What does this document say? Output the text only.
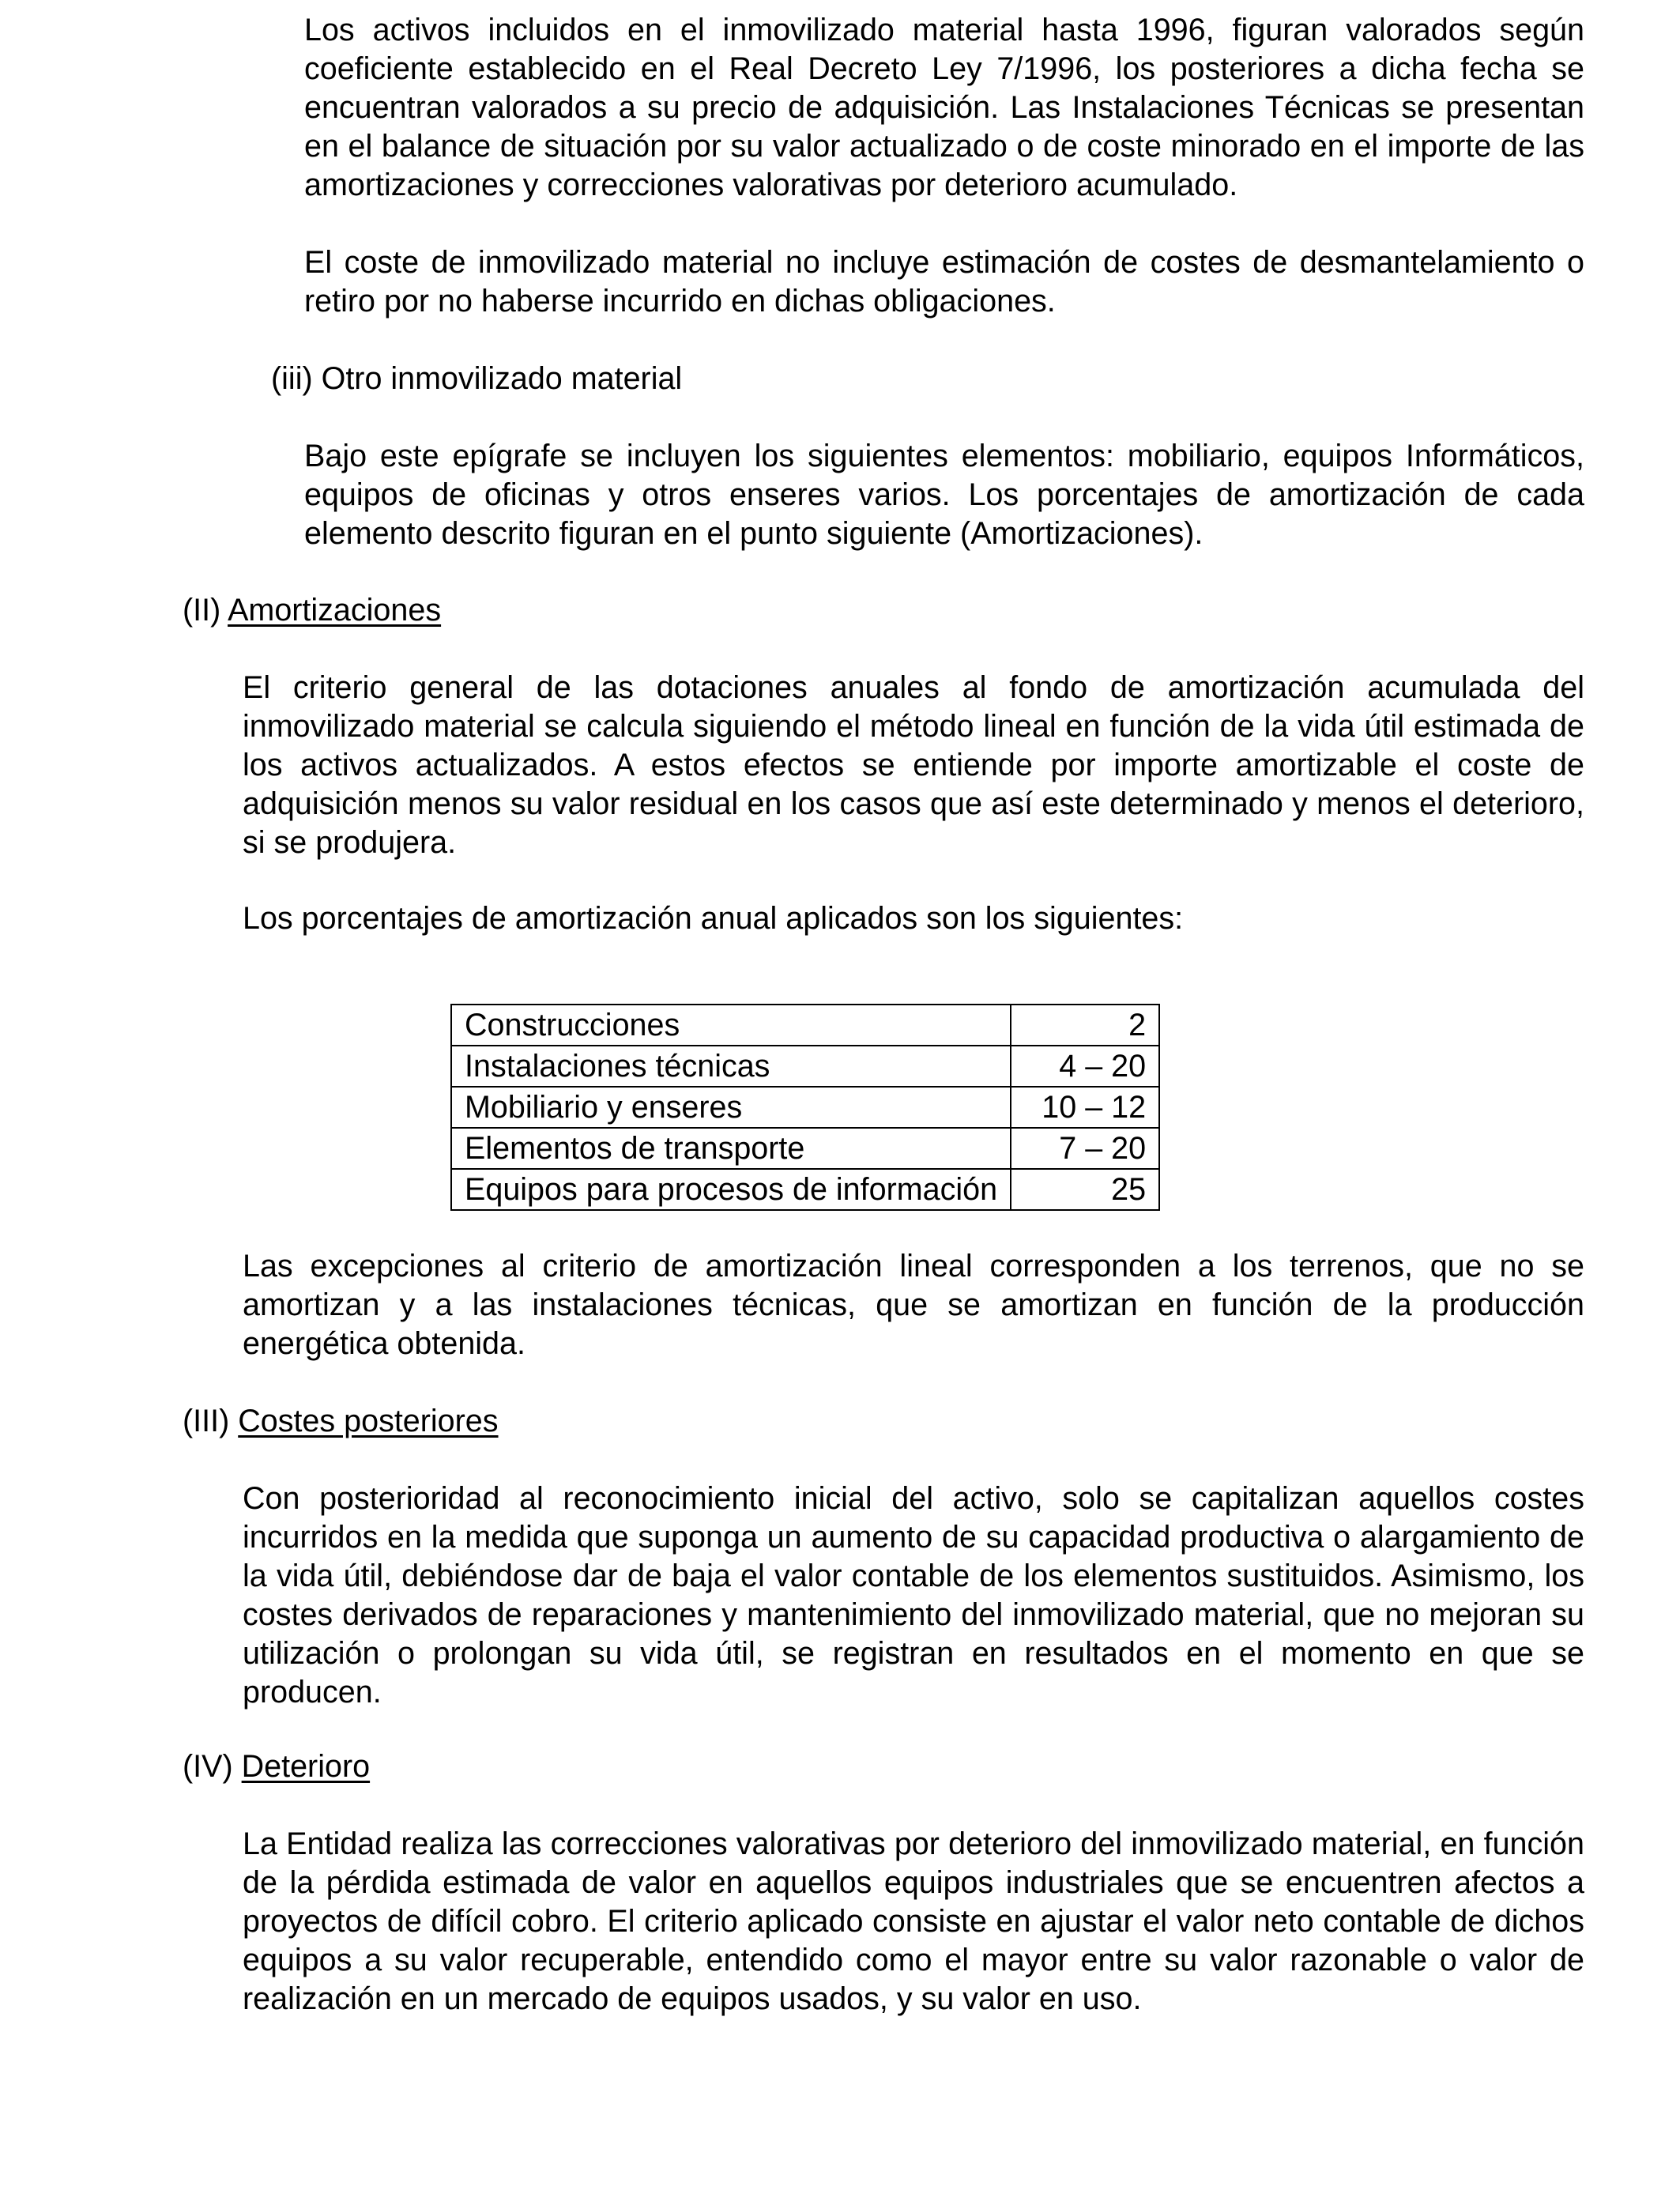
Los activos incluidos en el inmovilizado material hasta 1996, figuran valorados según coeficiente establecido en el Real Decreto Ley 7/1996, los posteriores a dicha fecha se encuentran valorados a su precio de adquisición. Las Instalaciones Técnicas se presentan en el balance de situación por su valor actualizado o de coste minorado en el importe de las amortizaciones y correcciones valorativas por deterioro acumulado.

El coste de inmovilizado material no incluye estimación de costes de desmantelamiento o retiro por no haberse incurrido en dichas obligaciones.

(iii) Otro inmovilizado material

Bajo este epígrafe se incluyen los siguientes elementos: mobiliario, equipos Informáticos, equipos de oficinas y otros enseres varios. Los porcentajes de amortización de cada elemento descrito figuran en el punto siguiente (Amortizaciones).

(II) Amortizaciones

El criterio general de las dotaciones anuales al fondo de amortización acumulada del inmovilizado material se calcula siguiendo el método lineal en función de la vida útil estimada de los activos actualizados. A estos efectos se entiende por importe amortizable el coste de adquisición menos su valor residual en los casos que así este determinado y menos el deterioro, si se produjera.

Los porcentajes de amortización anual aplicados son los siguientes:

Construcciones	2
Instalaciones técnicas	4 – 20
Mobiliario y enseres	10 – 12
Elementos de transporte	7 – 20
Equipos para procesos de información	25

Las excepciones al criterio de amortización lineal corresponden a los terrenos, que no se amortizan y a las instalaciones técnicas, que se amortizan en función de la producción energética obtenida.

(III) Costes posteriores

Con posterioridad al reconocimiento inicial del activo, solo se capitalizan aquellos costes incurridos en la medida que suponga un aumento de su capacidad productiva o alargamiento de la vida útil, debiéndose dar de baja el valor contable de los elementos sustituidos. Asimismo, los costes derivados de reparaciones y mantenimiento del inmovilizado material, que no mejoran su utilización o prolongan su vida útil, se registran en resultados en el momento en que se producen.

(IV) Deterioro

La Entidad realiza las correcciones valorativas por deterioro del inmovilizado material, en función de la pérdida estimada de valor en aquellos equipos industriales que se encuentren afectos a proyectos de difícil cobro. El criterio aplicado consiste en ajustar el valor neto contable de dichos equipos a su valor recuperable, entendido como el mayor entre su valor razonable o valor de realización en un mercado de equipos usados, y su valor en uso.
